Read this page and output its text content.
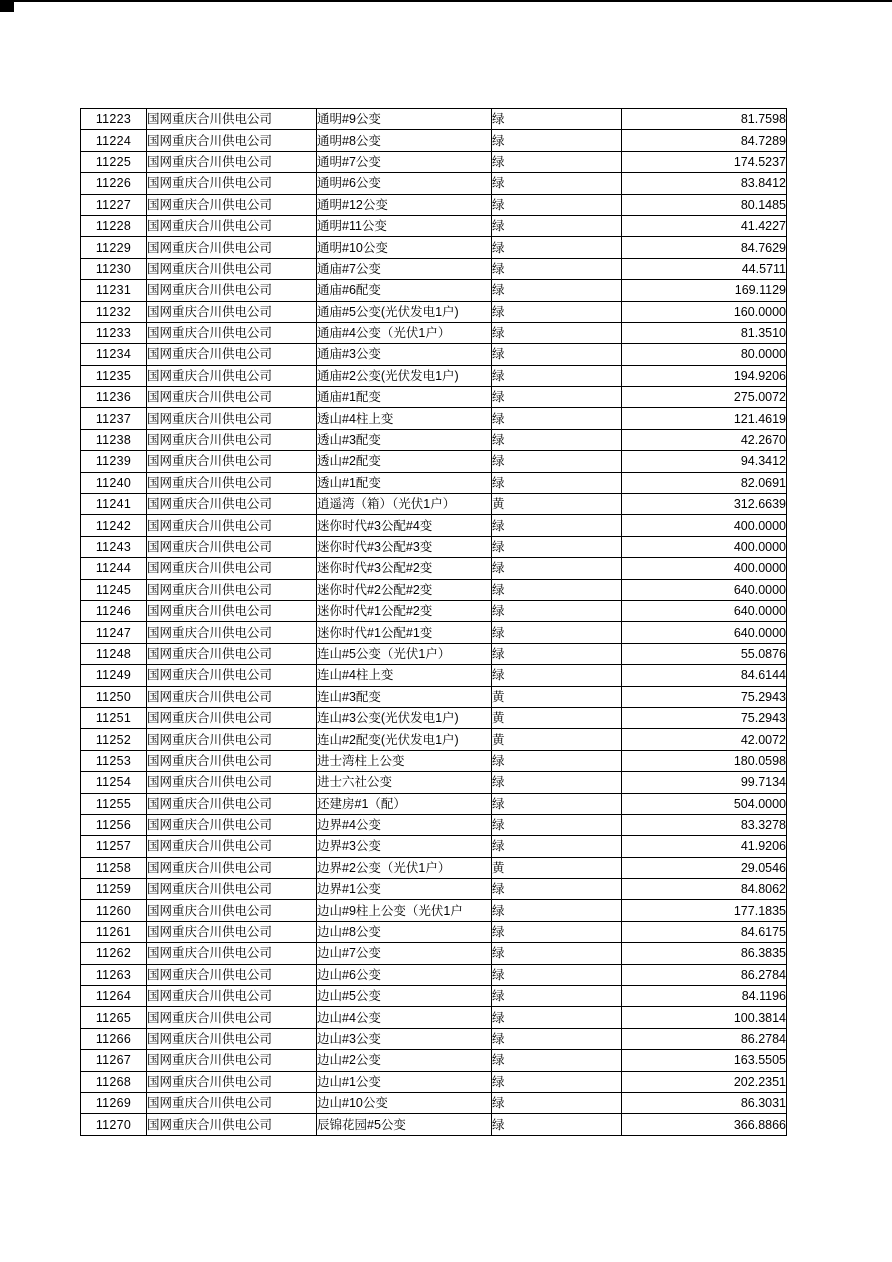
11223	国网重庆合川供电公司	通明#9公变	绿	81.7598
11224	国网重庆合川供电公司	通明#8公变	绿	84.7289
11225	国网重庆合川供电公司	通明#7公变	绿	174.5237
11226	国网重庆合川供电公司	通明#6公变	绿	83.8412
11227	国网重庆合川供电公司	通明#12公变	绿	80.1485
11228	国网重庆合川供电公司	通明#11公变	绿	41.4227
11229	国网重庆合川供电公司	通明#10公变	绿	84.7629
11230	国网重庆合川供电公司	通庙#7公变	绿	44.5711
11231	国网重庆合川供电公司	通庙#6配变	绿	169.1129
11232	国网重庆合川供电公司	通庙#5公变(光伏发电1户)	绿	160.0000
11233	国网重庆合川供电公司	通庙#4公变（光伏1户）	绿	81.3510
11234	国网重庆合川供电公司	通庙#3公变	绿	80.0000
11235	国网重庆合川供电公司	通庙#2公变(光伏发电1户)	绿	194.9206
11236	国网重庆合川供电公司	通庙#1配变	绿	275.0072
11237	国网重庆合川供电公司	透山#4柱上变	绿	121.4619
11238	国网重庆合川供电公司	透山#3配变	绿	42.2670
11239	国网重庆合川供电公司	透山#2配变	绿	94.3412
11240	国网重庆合川供电公司	透山#1配变	绿	82.0691
11241	国网重庆合川供电公司	逍遥湾（箱）（光伏1户）	黄	312.6639
11242	国网重庆合川供电公司	迷你时代#3公配#4变	绿	400.0000
11243	国网重庆合川供电公司	迷你时代#3公配#3变	绿	400.0000
11244	国网重庆合川供电公司	迷你时代#3公配#2变	绿	400.0000
11245	国网重庆合川供电公司	迷你时代#2公配#2变	绿	640.0000
11246	国网重庆合川供电公司	迷你时代#1公配#2变	绿	640.0000
11247	国网重庆合川供电公司	迷你时代#1公配#1变	绿	640.0000
11248	国网重庆合川供电公司	连山#5公变（光伏1户）	绿	55.0876
11249	国网重庆合川供电公司	连山#4柱上变	绿	84.6144
11250	国网重庆合川供电公司	连山#3配变	黄	75.2943
11251	国网重庆合川供电公司	连山#3公变(光伏发电1户)	黄	75.2943
11252	国网重庆合川供电公司	连山#2配变(光伏发电1户)	黄	42.0072
11253	国网重庆合川供电公司	进士湾柱上公变	绿	180.0598
11254	国网重庆合川供电公司	进士六社公变	绿	99.7134
11255	国网重庆合川供电公司	还建房#1（配）	绿	504.0000
11256	国网重庆合川供电公司	边界#4公变	绿	83.3278
11257	国网重庆合川供电公司	边界#3公变	绿	41.9206
11258	国网重庆合川供电公司	边界#2公变（光伏1户）	黄	29.0546
11259	国网重庆合川供电公司	边界#1公变	绿	84.8062
11260	国网重庆合川供电公司	边山#9柱上公变（光伏1户	绿	177.1835
11261	国网重庆合川供电公司	边山#8公变	绿	84.6175
11262	国网重庆合川供电公司	边山#7公变	绿	86.3835
11263	国网重庆合川供电公司	边山#6公变	绿	86.2784
11264	国网重庆合川供电公司	边山#5公变	绿	84.1196
11265	国网重庆合川供电公司	边山#4公变	绿	100.3814
11266	国网重庆合川供电公司	边山#3公变	绿	86.2784
11267	国网重庆合川供电公司	边山#2公变	绿	163.5505
11268	国网重庆合川供电公司	边山#1公变	绿	202.2351
11269	国网重庆合川供电公司	边山#10公变	绿	86.3031
11270	国网重庆合川供电公司	辰锦花园#5公变	绿	366.8866
